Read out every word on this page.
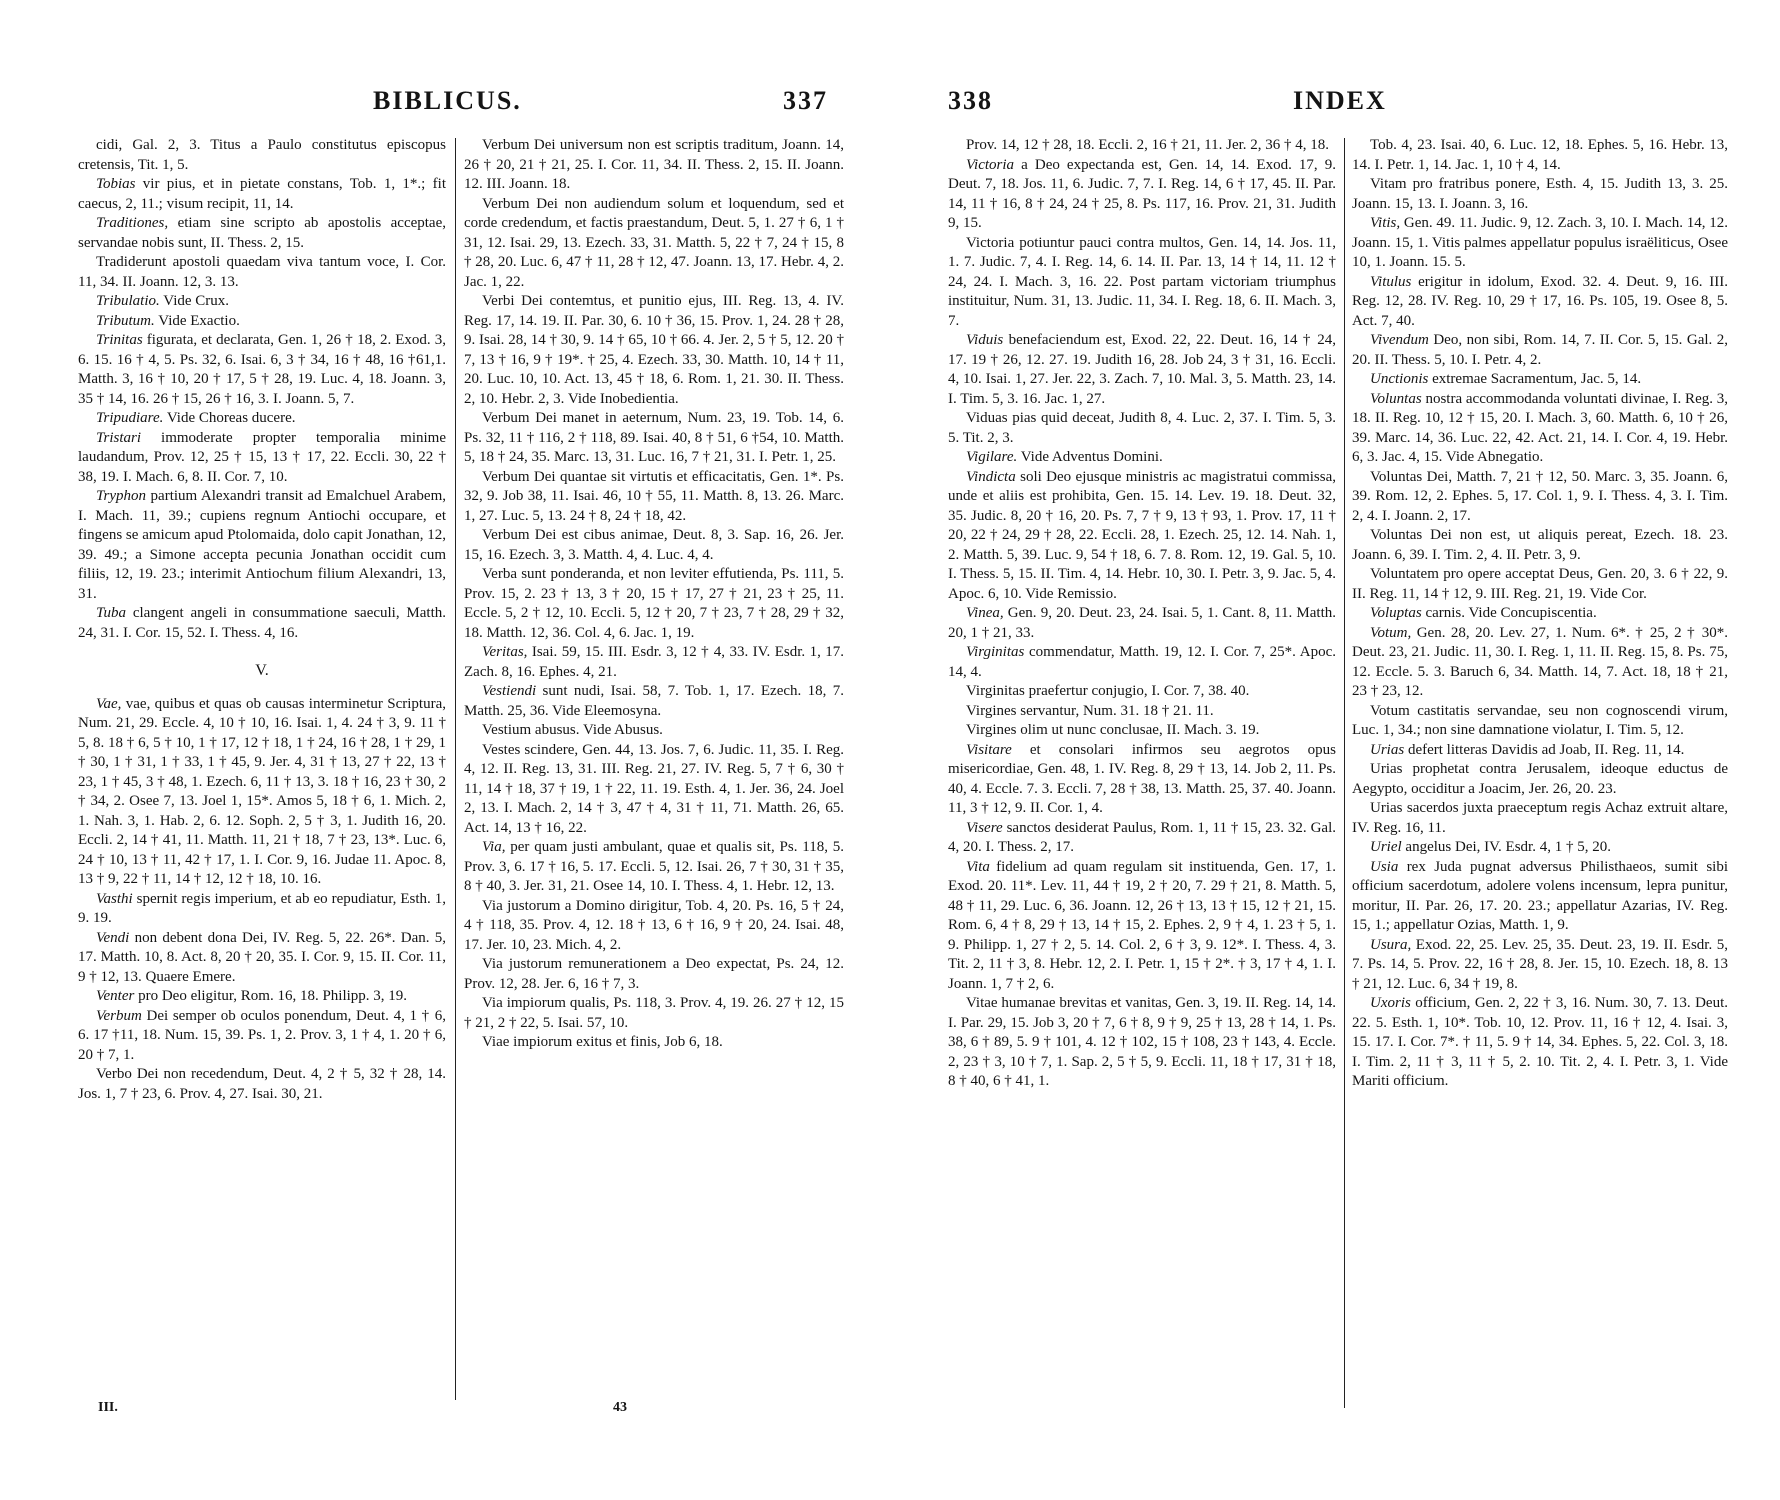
BIBLICUS.	337

cidi, Gal. 2, 3. Titus a Paulo constitutus episcopus cretensis, Tit. 1, 5.

Tobias vir pius, et in pietate constans, Tob. 1, 1*.; fit caecus, 2, 11.; visum recipit, 11, 14.

Traditiones, etiam sine scripto ab apostolis acceptae, servandae nobis sunt, II. Thess. 2, 15.

Tradiderunt apostoli quaedam viva tantum voce, I. Cor. 11, 34. II. Joann. 12, 3. 13.

Tribulatio. Vide Crux.

Tributum. Vide Exactio.

Trinitas figurata, et declarata, Gen. 1, 26 † 18, 2. Exod. 3, 6. 15. 16 † 4, 5. Ps. 32, 6. Isai. 6, 3 † 34, 16 † 48, 16 †61,1. Matth. 3, 16 † 10, 20 † 17, 5 † 28, 19. Luc. 4, 18. Joann. 3, 35 † 14, 16. 26 † 15, 26 † 16, 3. I. Joann. 5, 7.

Tripudiare. Vide Choreas ducere.

Tristari immoderate propter temporalia minime laudandum, Prov. 12, 25 † 15, 13 † 17, 22. Eccli. 30, 22 † 38, 19. I. Mach. 6, 8. II. Cor. 7, 10.

Tryphon partium Alexandri transit ad Emalchuel Arabem, I. Mach. 11, 39.; cupiens regnum Antiochi occupare, et fingens se amicum apud Ptolomaida, dolo capit Jonathan, 12, 39. 49.; a Simone accepta pecunia Jonathan occidit cum filiis, 12, 19. 23.; interimit Antiochum filium Alexandri, 13, 31.

Tuba clangent angeli in consummatione saeculi, Matth. 24, 31. I. Cor. 15, 52. I. Thess. 4, 16.

V.

Vae, vae, quibus et quas ob causas interminetur Scriptura, Num. 21, 29. Eccle. 4, 10 † 10, 16. Isai. 1, 4. 24 † 3, 9. 11 † 5, 8. 18 † 6, 5 † 10, 1 † 17, 12 † 18, 1 † 24, 16 † 28, 1 † 29, 1 † 30, 1 † 31, 1 † 33, 1 † 45, 9. Jer. 4, 31 † 13, 27 † 22, 13 † 23, 1 † 45, 3 † 48, 1. Ezech. 6, 11 † 13, 3. 18 † 16, 23 † 30, 2 † 34, 2. Osee 7, 13. Joel 1, 15*. Amos 5, 18 † 6, 1. Mich. 2, 1. Nah. 3, 1. Hab. 2, 6. 12. Soph. 2, 5 † 3, 1. Judith 16, 20. Eccli. 2, 14 † 41, 11. Matth. 11, 21 † 18, 7 † 23, 13*. Luc. 6, 24 † 10, 13 † 11, 42 † 17, 1. I. Cor. 9, 16. Judae 11. Apoc. 8, 13 † 9, 22 † 11, 14 † 12, 12 † 18, 10. 16.

Vasthi spernit regis imperium, et ab eo repudiatur, Esth. 1, 9. 19.

Vendi non debent dona Dei, IV. Reg. 5, 22. 26*. Dan. 5, 17. Matth. 10, 8. Act. 8, 20 † 20, 35. I. Cor. 9, 15. II. Cor. 11, 9 † 12, 13. Quaere Emere.

Venter pro Deo eligitur, Rom. 16, 18. Philipp. 3, 19.

Verbum Dei semper ob oculos ponendum, Deut. 4, 1 † 6, 6. 17 †11, 18. Num. 15, 39. Ps. 1, 2. Prov. 3, 1 † 4, 1. 20 † 6, 20 † 7, 1.

Verbo Dei non recedendum, Deut. 4, 2 † 5, 32 † 28, 14. Jos. 1, 7 † 23, 6. Prov. 4, 27. Isai. 30, 21.

Verbum Dei universum non est scriptis traditum, Joann. 14, 26 † 20, 21 † 21, 25. I. Cor. 11, 34. II. Thess. 2, 15. II. Joann. 12. III. Joann. 18.

Verbum Dei non audiendum solum et loquendum, sed et corde credendum, et factis praestandum, Deut. 5, 1. 27 † 6, 1 † 31, 12. Isai. 29, 13. Ezech. 33, 31. Matth. 5, 22 † 7, 24 † 15, 8 † 28, 20. Luc. 6, 47 † 11, 28 † 12, 47. Joann. 13, 17. Hebr. 4, 2. Jac. 1, 22.

Verbi Dei contemtus, et punitio ejus, III. Reg. 13, 4. IV. Reg. 17, 14. 19. II. Par. 30, 6. 10 † 36, 15. Prov. 1, 24. 28 † 28, 9. Isai. 28, 14 † 30, 9. 14 † 65, 10 † 66. 4. Jer. 2, 5 † 5, 12. 20 † 7, 13 † 16, 9 † 19*. † 25, 4. Ezech. 33, 30. Matth. 10, 14 † 11, 20. Luc. 10, 10. Act. 13, 45 † 18, 6. Rom. 1, 21. 30. II. Thess. 2, 10. Hebr. 2, 3. Vide Inobedientia.

Verbum Dei manet in aeternum, Num. 23, 19. Tob. 14, 6. Ps. 32, 11 † 116, 2 † 118, 89. Isai. 40, 8 † 51, 6 †54, 10. Matth. 5, 18 † 24, 35. Marc. 13, 31. Luc. 16, 7 † 21, 31. I. Petr. 1, 25.

Verbum Dei quantae sit virtutis et efficacitatis, Gen. 1*. Ps. 32, 9. Job 38, 11. Isai. 46, 10 † 55, 11. Matth. 8, 13. 26. Marc. 1, 27. Luc. 5, 13. 24 † 8, 24 † 18, 42.

Verbum Dei est cibus animae, Deut. 8, 3. Sap. 16, 26. Jer. 15, 16. Ezech. 3, 3. Matth. 4, 4. Luc. 4, 4.

Verba sunt ponderanda, et non leviter effutienda, Ps. 111, 5. Prov. 15, 2. 23 † 13, 3 † 20, 15 † 17, 27 † 21, 23 † 25, 11. Eccle. 5, 2 † 12, 10. Eccli. 5, 12 † 20, 7 † 23, 7 † 28, 29 † 32, 18. Matth. 12, 36. Col. 4, 6. Jac. 1, 19.

Veritas, Isai. 59, 15. III. Esdr. 3, 12 † 4, 33. IV. Esdr. 1, 17. Zach. 8, 16. Ephes. 4, 21.

Vestiendi sunt nudi, Isai. 58, 7. Tob. 1, 17. Ezech. 18, 7. Matth. 25, 36. Vide Eleemosyna.

Vestium abusus. Vide Abusus.

Vestes scindere, Gen. 44, 13. Jos. 7, 6. Judic. 11, 35. I. Reg. 4, 12. II. Reg. 13, 31. III. Reg. 21, 27. IV. Reg. 5, 7 † 6, 30 † 11, 14 † 18, 37 † 19, 1 † 22, 11. 19. Esth. 4, 1. Jer. 36, 24. Joel 2, 13. I. Mach. 2, 14 † 3, 47 † 4, 31 † 11, 71. Matth. 26, 65. Act. 14, 13 † 16, 22.

Via, per quam justi ambulant, quae et qualis sit, Ps. 118, 5. Prov. 3, 6. 17 † 16, 5. 17. Eccli. 5, 12. Isai. 26, 7 † 30, 31 † 35, 8 † 40, 3. Jer. 31, 21. Osee 14, 10. I. Thess. 4, 1. Hebr. 12, 13.

Via justorum a Domino dirigitur, Tob. 4, 20. Ps. 16, 5 † 24, 4 † 118, 35. Prov. 4, 12. 18 † 13, 6 † 16, 9 † 20, 24. Isai. 48, 17. Jer. 10, 23. Mich. 4, 2.

Via justorum remunerationem a Deo expectat, Ps. 24, 12. Prov. 12, 28. Jer. 6, 16 † 7, 3.

Via impiorum qualis, Ps. 118, 3. Prov. 4, 19. 26. 27 † 12, 15 † 21, 2 † 22, 5. Isai. 57, 10.

Viae impiorum exitus et finis, Job 6, 18.

III.	43
338	INDEX

Prov. 14, 12 † 28, 18. Eccli. 2, 16 † 21, 11. Jer. 2, 36 † 4, 18.

Victoria a Deo expectanda est, Gen. 14, 14. Exod. 17, 9. Deut. 7, 18. Jos. 11, 6. Judic. 7, 7. I. Reg. 14, 6 † 17, 45. II. Par. 14, 11 † 16, 8 † 24, 24 † 25, 8. Ps. 117, 16. Prov. 21, 31. Judith 9, 15.

Victoria potiuntur pauci contra multos, Gen. 14, 14. Jos. 11, 1. 7. Judic. 7, 4. I. Reg. 14, 6. 14. II. Par. 13, 14 † 14, 11. 12 † 24, 24. I. Mach. 3, 16. 22. Post partam victoriam triumphus instituitur, Num. 31, 13. Judic. 11, 34. I. Reg. 18, 6. II. Mach. 3, 7.

Viduis benefaciendum est, Exod. 22, 22. Deut. 16, 14 † 24, 17. 19 † 26, 12. 27. 19. Judith 16, 28. Job 24, 3 † 31, 16. Eccli. 4, 10. Isai. 1, 27. Jer. 22, 3. Zach. 7, 10. Mal. 3, 5. Matth. 23, 14. I. Tim. 5, 3. 16. Jac. 1, 27.

Viduas pias quid deceat, Judith 8, 4. Luc. 2, 37. I. Tim. 5, 3. 5. Tit. 2, 3.

Vigilare. Vide Adventus Domini.

Vindicta soli Deo ejusque ministris ac magistratui commissa, unde et aliis est prohibita, Gen. 15. 14. Lev. 19. 18. Deut. 32, 35. Judic. 8, 20 † 16, 20. Ps. 7, 7 † 9, 13 † 93, 1. Prov. 17, 11 † 20, 22 † 24, 29 † 28, 22. Eccli. 28, 1. Ezech. 25, 12. 14. Nah. 1, 2. Matth. 5, 39. Luc. 9, 54 † 18, 6. 7. 8. Rom. 12, 19. Gal. 5, 10. I. Thess. 5, 15. II. Tim. 4, 14. Hebr. 10, 30. I. Petr. 3, 9. Jac. 5, 4. Apoc. 6, 10. Vide Remissio.

Vinea, Gen. 9, 20. Deut. 23, 24. Isai. 5, 1. Cant. 8, 11. Matth. 20, 1 † 21, 33.

Virginitas commendatur, Matth. 19, 12. I. Cor. 7, 25*. Apoc. 14, 4.

Virginitas praefertur conjugio, I. Cor. 7, 38. 40.

Virgines servantur, Num. 31. 18 † 21. 11.

Virgines olim ut nunc conclusae, II. Mach. 3. 19.

Visitare et consolari infirmos seu aegrotos opus misericordiae, Gen. 48, 1. IV. Reg. 8, 29 † 13, 14. Job 2, 11. Ps. 40, 4. Eccle. 7. 3. Eccli. 7, 28 † 38, 13. Matth. 25, 37. 40. Joann. 11, 3 † 12, 9. II. Cor. 1, 4.

Visere sanctos desiderat Paulus, Rom. 1, 11 † 15, 23. 32. Gal. 4, 20. I. Thess. 2, 17.

Vita fidelium ad quam regulam sit instituenda, Gen. 17, 1. Exod. 20. 11*. Lev. 11, 44 † 19, 2 † 20, 7. 29 † 21, 8. Matth. 5, 48 † 11, 29. Luc. 6, 36. Joann. 12, 26 † 13, 13 † 15, 12 † 21, 15. Rom. 6, 4 † 8, 29 † 13, 14 † 15, 2. Ephes. 2, 9 † 4, 1. 23 † 5, 1. 9. Philipp. 1, 27 † 2, 5. 14. Col. 2, 6 † 3, 9. 12*. I. Thess. 4, 3. Tit. 2, 11 † 3, 8. Hebr. 12, 2. I. Petr. 1, 15 † 2*. † 3, 17 † 4, 1. I. Joann. 1, 7 † 2, 6.

Vitae humanae brevitas et vanitas, Gen. 3, 19. II. Reg. 14, 14. I. Par. 29, 15. Job 3, 20 † 7, 6 † 8, 9 † 9, 25 † 13, 28 † 14, 1. Ps. 38, 6 † 89, 5. 9 † 101, 4. 12 † 102, 15 † 108, 23 † 143, 4. Eccle. 2, 23 † 3, 10 † 7, 1. Sap. 2, 5 † 5, 9. Eccli. 11, 18 † 17, 31 † 18, 8 † 40, 6 † 41, 1.

Tob. 4, 23. Isai. 40, 6. Luc. 12, 18. Ephes. 5, 16. Hebr. 13, 14. I. Petr. 1, 14. Jac. 1, 10 † 4, 14.

Vitam pro fratribus ponere, Esth. 4, 15. Judith 13, 3. 25. Joann. 15, 13. I. Joann. 3, 16.

Vitis, Gen. 49. 11. Judic. 9, 12. Zach. 3, 10. I. Mach. 14, 12. Joann. 15, 1. Vitis palmes appellatur populus israëliticus, Osee 10, 1. Joann. 15. 5.

Vitulus erigitur in idolum, Exod. 32. 4. Deut. 9, 16. III. Reg. 12, 28. IV. Reg. 10, 29 † 17, 16. Ps. 105, 19. Osee 8, 5. Act. 7, 40.

Vivendum Deo, non sibi, Rom. 14, 7. II. Cor. 5, 15. Gal. 2, 20. II. Thess. 5, 10. I. Petr. 4, 2.

Unctionis extremae Sacramentum, Jac. 5, 14.

Voluntas nostra accommodanda voluntati divinae, I. Reg. 3, 18. II. Reg. 10, 12 † 15, 20. I. Mach. 3, 60. Matth. 6, 10 † 26, 39. Marc. 14, 36. Luc. 22, 42. Act. 21, 14. I. Cor. 4, 19. Hebr. 6, 3. Jac. 4, 15. Vide Abnegatio.

Voluntas Dei, Matth. 7, 21 † 12, 50. Marc. 3, 35. Joann. 6, 39. Rom. 12, 2. Ephes. 5, 17. Col. 1, 9. I. Thess. 4, 3. I. Tim. 2, 4. I. Joann. 2, 17.

Voluntas Dei non est, ut aliquis pereat, Ezech. 18. 23. Joann. 6, 39. I. Tim. 2, 4. II. Petr. 3, 9.

Voluntatem pro opere acceptat Deus, Gen. 20, 3. 6 † 22, 9. II. Reg. 11, 14 † 12, 9. III. Reg. 21, 19. Vide Cor.

Voluptas carnis. Vide Concupiscentia.

Votum, Gen. 28, 20. Lev. 27, 1. Num. 6*. † 25, 2 † 30*. Deut. 23, 21. Judic. 11, 30. I. Reg. 1, 11. II. Reg. 15, 8. Ps. 75, 12. Eccle. 5. 3. Baruch 6, 34. Matth. 14, 7. Act. 18, 18 † 21, 23 † 23, 12.

Votum castitatis servandae, seu non cognoscendi virum, Luc. 1, 34.; non sine damnatione violatur, I. Tim. 5, 12.

Urias defert litteras Davidis ad Joab, II. Reg. 11, 14.

Urias prophetat contra Jerusalem, ideoque eductus de Aegypto, occiditur a Joacim, Jer. 26, 20. 23.

Urias sacerdos juxta praeceptum regis Achaz extruit altare, IV. Reg. 16, 11.

Uriel angelus Dei, IV. Esdr. 4, 1 † 5, 20.

Usia rex Juda pugnat adversus Philisthaeos, sumit sibi officium sacerdotum, adolere volens incensum, lepra punitur, moritur, II. Par. 26, 17. 20. 23.; appellatur Azarias, IV. Reg. 15, 1.; appellatur Ozias, Matth. 1, 9.

Usura, Exod. 22, 25. Lev. 25, 35. Deut. 23, 19. II. Esdr. 5, 7. Ps. 14, 5. Prov. 22, 16 † 28, 8. Jer. 15, 10. Ezech. 18, 8. 13 † 21, 12. Luc. 6, 34 † 19, 8.

Uxoris officium, Gen. 2, 22 † 3, 16. Num. 30, 7. 13. Deut. 22. 5. Esth. 1, 10*. Tob. 10, 12. Prov. 11, 16 † 12, 4. Isai. 3, 15. 17. I. Cor. 7*. † 11, 5. 9 † 14, 34. Ephes. 5, 22. Col. 3, 18. I. Tim. 2, 11 † 3, 11 † 5, 2. 10. Tit. 2, 4. I. Petr. 3, 1. Vide Mariti officium.
